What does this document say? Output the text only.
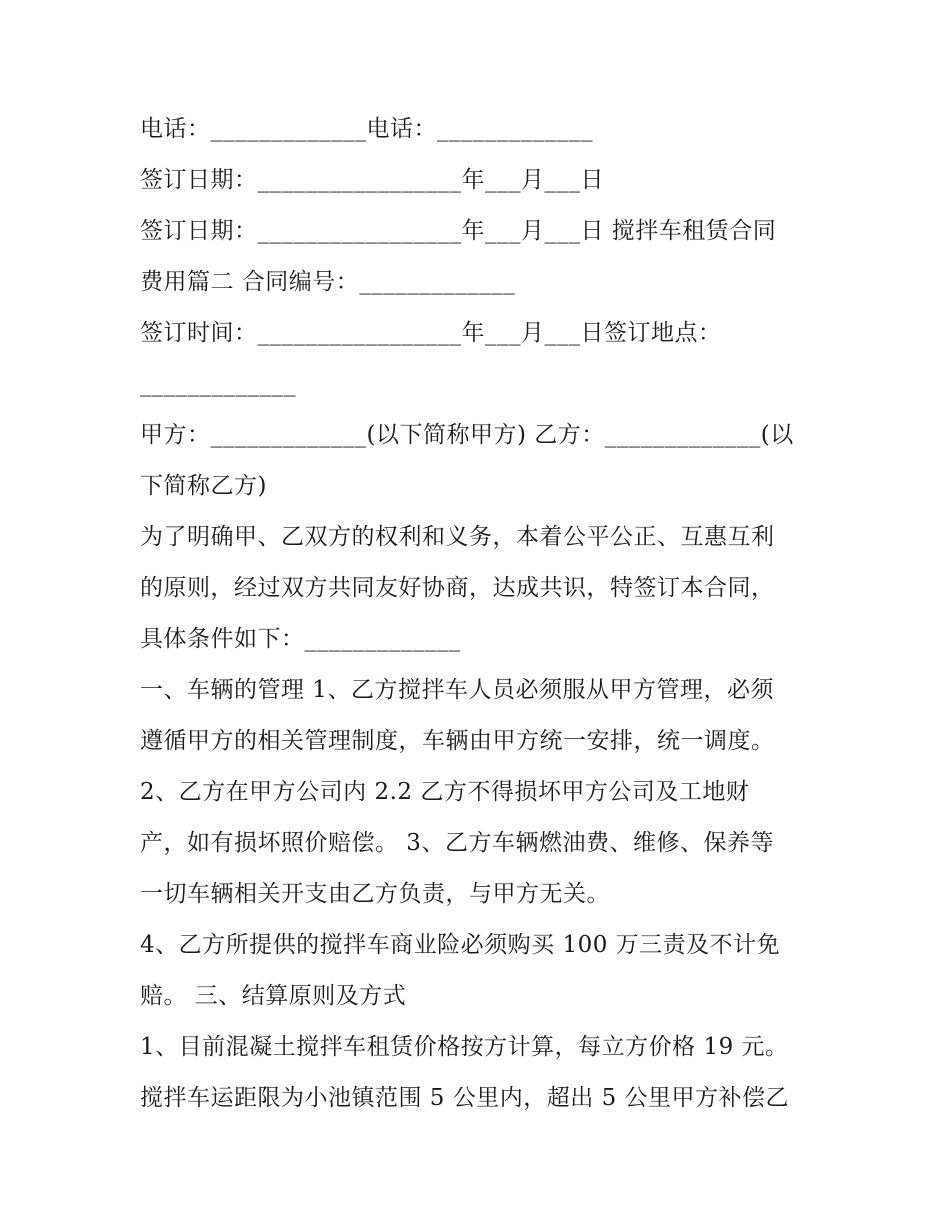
电话：_____________电话：_____________
签订日期：_________________年___月___日
签订日期：_________________年___月___日 搅拌车租赁合同
费用篇二 合同编号：_____________
签订时间：_________________年___月___日签订地点：
_____________
甲方：_____________(以下简称甲方) 乙方：_____________(以
下简称乙方)
为了明确甲、乙双方的权利和义务，本着公平公正、互惠互利
的原则，经过双方共同友好协商，达成共识，特签订本合同，
具体条件如下：_____________
一、车辆的管理 1、乙方搅拌车人员必须服从甲方管理，必须
遵循甲方的相关管理制度，车辆由甲方统一安排，统一调度。
2、乙方在甲方公司内 2.2 乙方不得损坏甲方公司及工地财
产，如有损坏照价赔偿。 3、乙方车辆燃油费、维修、保养等
一切车辆相关开支由乙方负责，与甲方无关。
4、乙方所提供的搅拌车商业险必须购买 100 万三责及不计免
赔。 三、结算原则及方式
1、目前混凝土搅拌车租赁价格按方计算，每立方价格 19 元。
搅拌车运距限为小池镇范围 5 公里内，超出 5 公里甲方补偿乙
